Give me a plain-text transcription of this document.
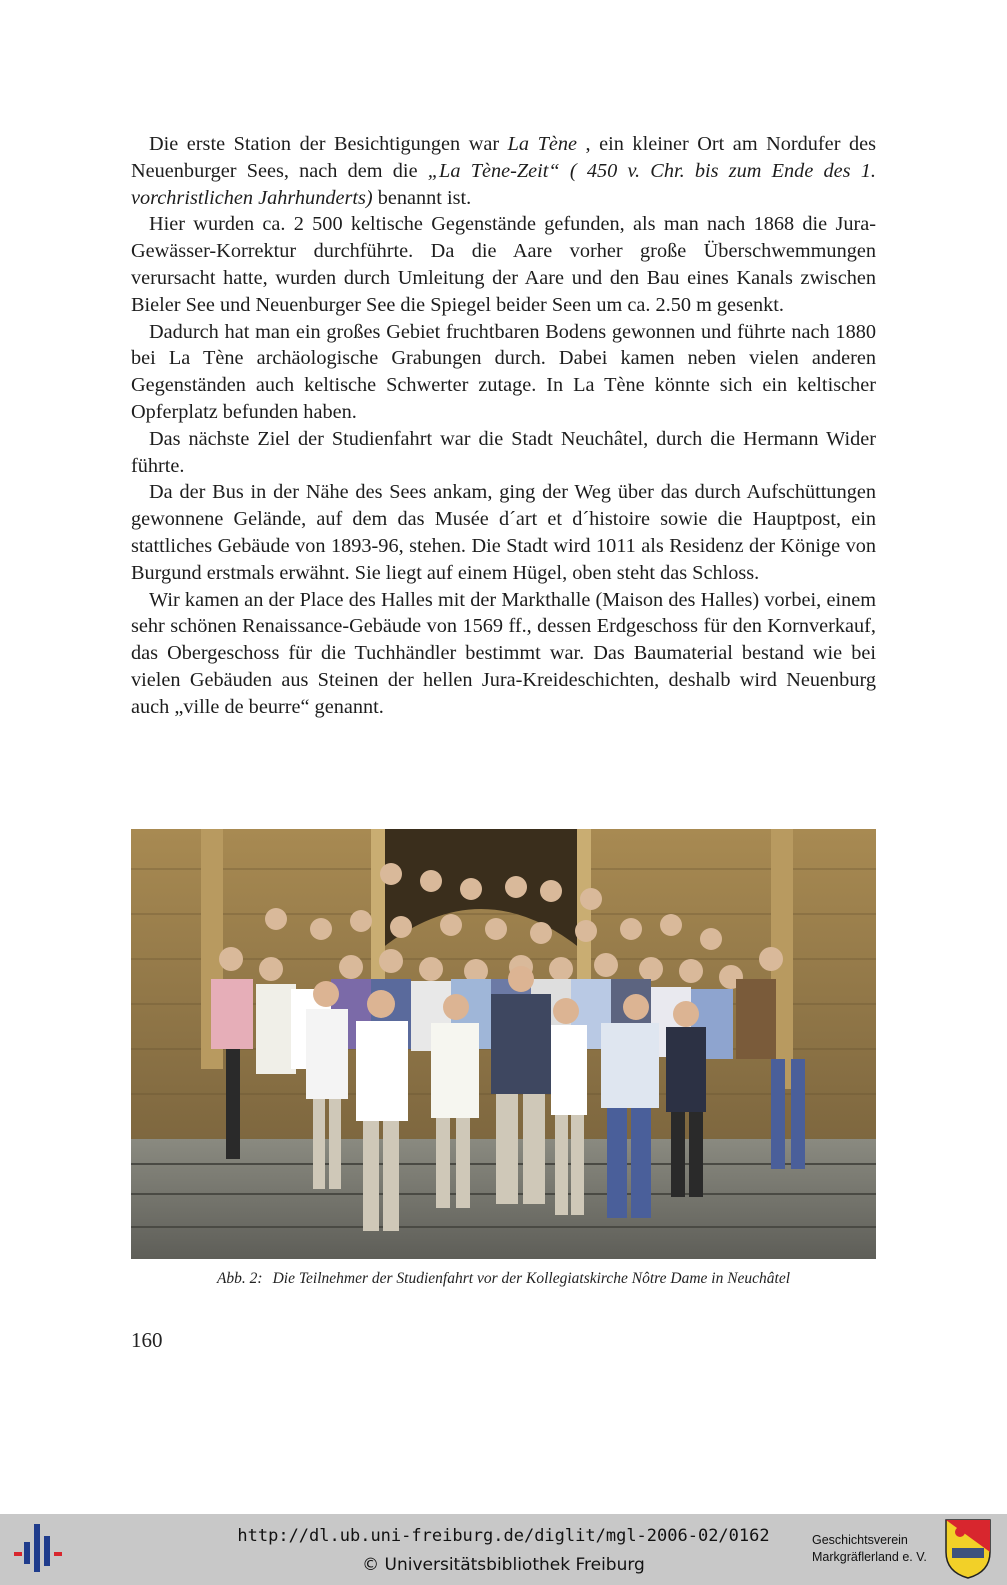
Die erste Station der Besichtigungen war La Tène , ein kleiner Ort am Nordufer des Neuenburger Sees, nach dem die „La Tène-Zeit“ ( 450 v. Chr. bis zum Ende des 1. vorchristlichen Jahrhunderts) benannt ist.

Hier wurden ca. 2 500 keltische Gegenstände gefunden, als man nach 1868 die Jura-Gewässer-Korrektur durchführte. Da die Aare vorher große Überschwemmungen verursacht hatte, wurden durch Umleitung der Aare und den Bau eines Kanals zwischen Bieler See und Neuenburger See die Spiegel beider Seen um ca. 2.50 m gesenkt.

Dadurch hat man ein großes Gebiet fruchtbaren Bodens gewonnen und führte nach 1880 bei La Tène archäologische Grabungen durch. Dabei kamen neben vielen anderen Gegenständen auch keltische Schwerter zutage. In La Tène könnte sich ein keltischer Opferplatz befunden haben.

Das nächste Ziel der Studienfahrt war die Stadt Neuchâtel, durch die Hermann Wider führte.

Da der Bus in der Nähe des Sees ankam, ging der Weg über das durch Aufschüttungen gewonnene Gelände, auf dem das Musée d´art et d´histoire sowie die Hauptpost, ein stattliches Gebäude von 1893-96, stehen. Die Stadt wird 1011 als Residenz der Könige von Burgund erstmals erwähnt. Sie liegt auf einem Hügel, oben steht das Schloss.

Wir kamen an der Place des Halles mit der Markthalle (Maison des Halles) vorbei, einem sehr schönen Renaissance-Gebäude von 1569 ff., dessen Erdgeschoss für den Kornverkauf, das Obergeschoss für die Tuchhändler bestimmt war. Das Baumaterial bestand wie bei vielen Gebäuden aus Steinen der hellen Jura-Kreideschichten, deshalb wird Neuenburg auch „ville de beurre“ genannt.

Abb. 2: Die Teilnehmer der Studienfahrt vor der Kollegiatskirche Nôtre Dame in Neuchâtel
160
http://dl.ub.uni-freiburg.de/diglit/mgl-2006-02/0162
© Universitätsbibliothek Freiburg
Geschichtsverein
Markgräflerland e. V.
